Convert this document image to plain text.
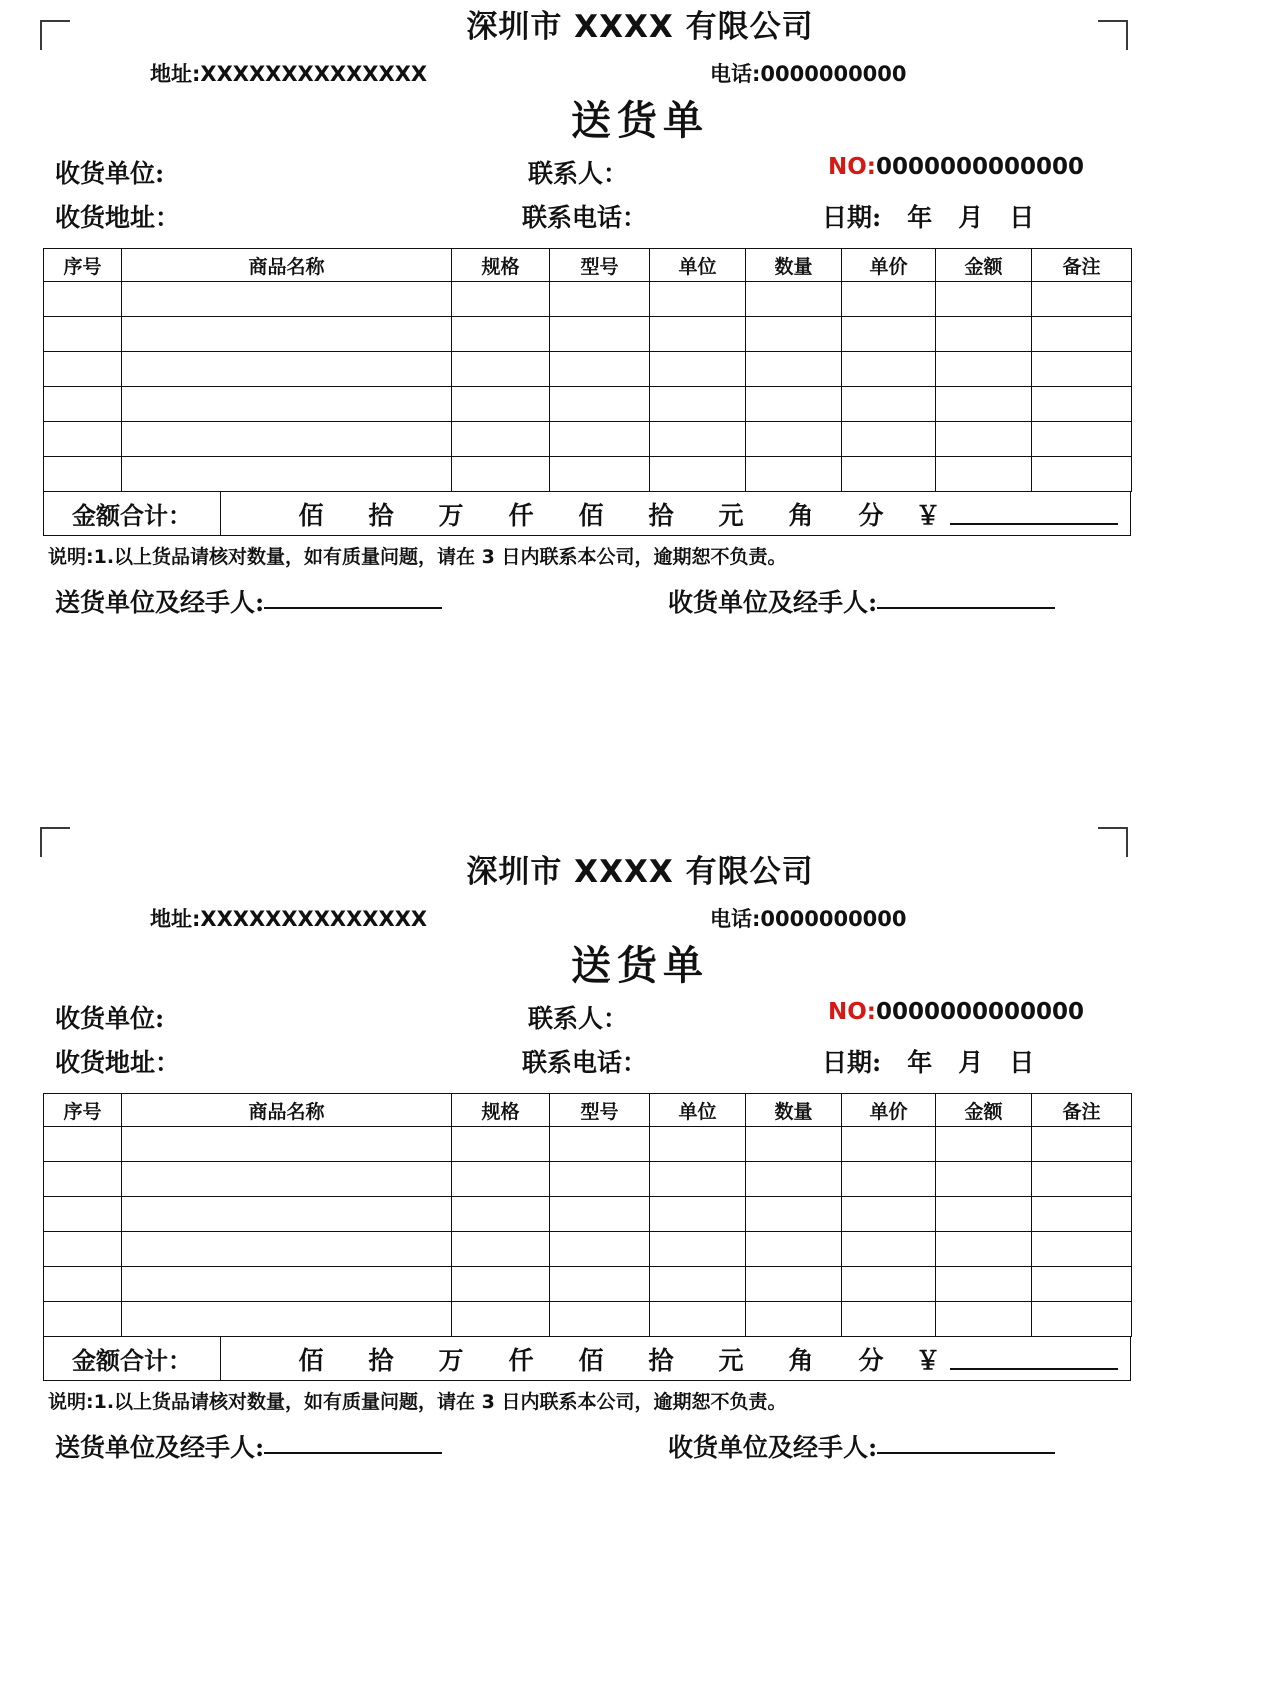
深圳市 XXXX 有限公司
地址:XXXXXXXXXXXXXX	电话:0000000000
送货单
收货单位:	联系人：	NO:0000000000000
收货地址：	联系电话：	日期: 年 月 日
序号	商品名称	规格	型号	单位	数量	单价	金额	备注

金额合计：	佰	拾	万	仟	佰	拾	元	角	分	￥
说明:1.以上货品请核对数量，如有质量问题，请在 3 日内联系本公司，逾期恕不负责。
送货单位及经手人:	收货单位及经手人:
深圳市 XXXX 有限公司
地址:XXXXXXXXXXXXXX	电话:0000000000
送货单
收货单位:	联系人：	NO:0000000000000
收货地址：	联系电话：	日期: 年 月 日
序号	商品名称	规格	型号	单位	数量	单价	金额	备注

金额合计：	佰	拾	万	仟	佰	拾	元	角	分	￥
说明:1.以上货品请核对数量，如有质量问题，请在 3 日内联系本公司，逾期恕不负责。
送货单位及经手人:	收货单位及经手人:
